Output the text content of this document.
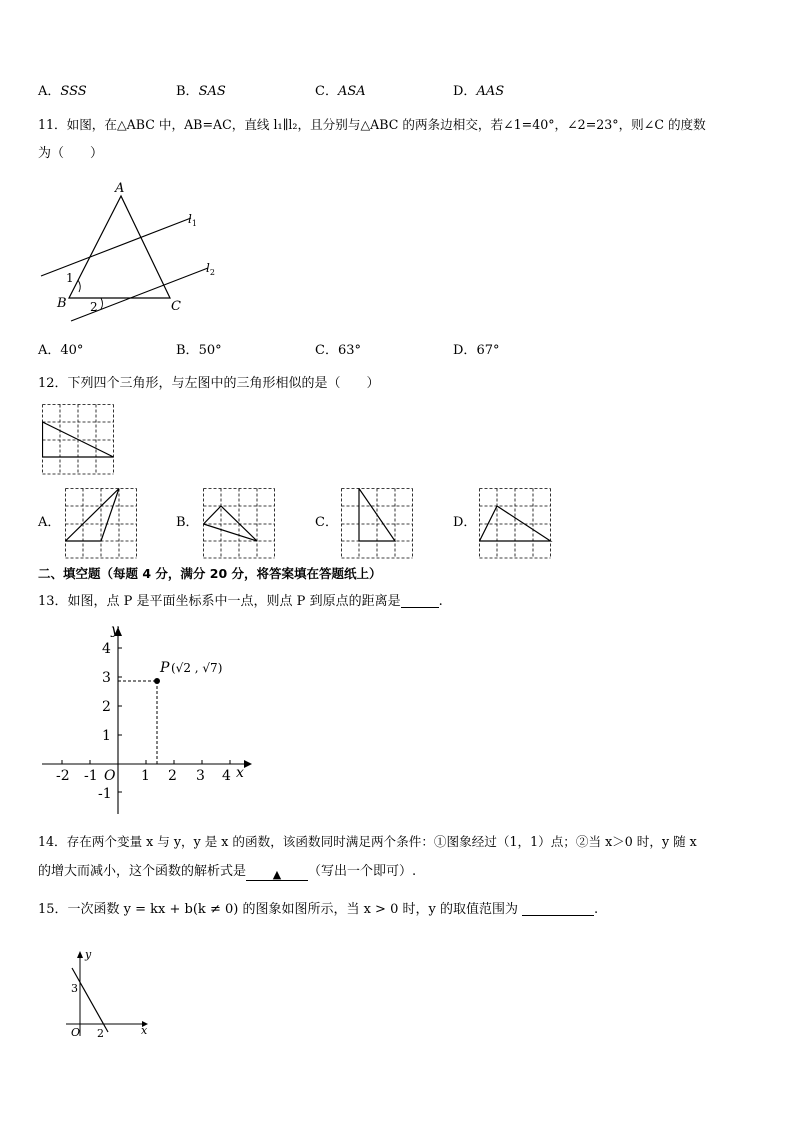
A．SSS	B．SAS	C．ASA	D．AAS
11．如图，在△ABC 中，AB=AC，直线 l₁∥l₂，且分别与△ABC 的两条边相交，若∠1=40°，∠2=23°，则∠C 的度数
为（　　）
A
B	C
$l_1$
$l_2$
1
2
A．40°	B．50°	C．63°	D．67°
12．下列四个三角形，与左图中的三角形相似的是（　　）
A．	B．	C．	D．
二、填空题（每题 4 分，满分 20 分，将答案填在答题纸上）
13．如图，点 P 是平面坐标系中一点，则点 P 到原点的距离是	.
-2 -1 O 1 2 3 4 x
4
3
2
1
-1
y
P (√2 , √7)
14．存在两个变量 x 与 y，y 是 x 的函数，该函数同时满足两个条件：①图象经过（1，1）点；②当 x＞0 时，y 随 x
的增大而减小，这个函数的解析式是 ▲ （写出一个即可）.
15．一次函数 y = kx + b(k ≠ 0) 的图象如图所示，当 x > 0 时，y 的取值范围为	.
y
x
O
3
2
